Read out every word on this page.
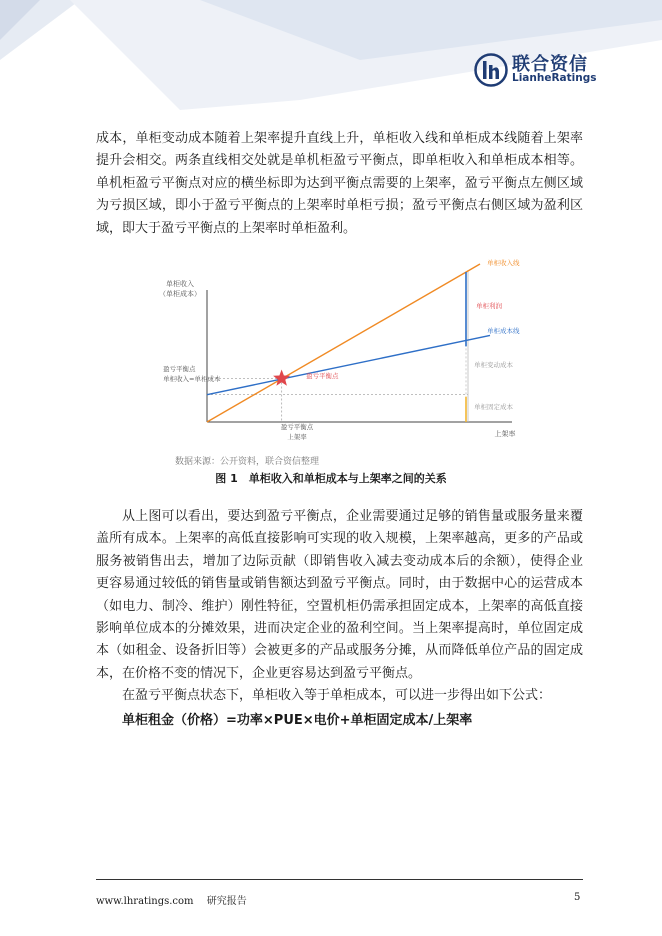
联合资信
LianheRatings

成本，单柜变动成本随着上架率提升直线上升，单柜收入线和单柜成本线随着上架率

提升会相交。两条直线相交处就是单机柜盈亏平衡点，即单柜收入和单柜成本相等。

单机柜盈亏平衡点对应的横坐标即为达到平衡点需要的上架率，盈亏平衡点左侧区域

为亏损区域，即小于盈亏平衡点的上架率时单柜亏损；盈亏平衡点右侧区域为盈利区

域，即大于盈亏平衡点的上架率时单柜盈利。

单柜收入
（单柜成本）
上架率
单柜收入线
单柜利润
单柜成本线
单柜变动成本
单柜固定成本
盈亏平衡点
盈亏平衡点
单柜收入=单柜成本
盈亏平衡点
上架率
数据来源：公开资料，联合资信整理
图 1　单柜收入和单柜成本与上架率之间的关系

从上图可以看出，要达到盈亏平衡点，企业需要通过足够的销售量或服务量来覆

盖所有成本。上架率的高低直接影响可实现的收入规模，上架率越高，更多的产品或

服务被销售出去，增加了边际贡献（即销售收入减去变动成本后的余额），使得企业

更容易通过较低的销售量或销售额达到盈亏平衡点。同时，由于数据中心的运营成本

（如电力、制冷、维护）刚性特征，空置机柜仍需承担固定成本，上架率的高低直接

影响单位成本的分摊效果，进而决定企业的盈利空间。当上架率提高时，单位固定成

本（如租金、设备折旧等）会被更多的产品或服务分摊，从而降低单位产品的固定成

本，在价格不变的情况下，企业更容易达到盈亏平衡点。

在盈亏平衡点状态下，单柜收入等于单柜成本，可以进一步得出如下公式：

单柜租金（价格）=功率×PUE×电价+单柜固定成本/上架率
www.lhratings.com 研究报告	5
